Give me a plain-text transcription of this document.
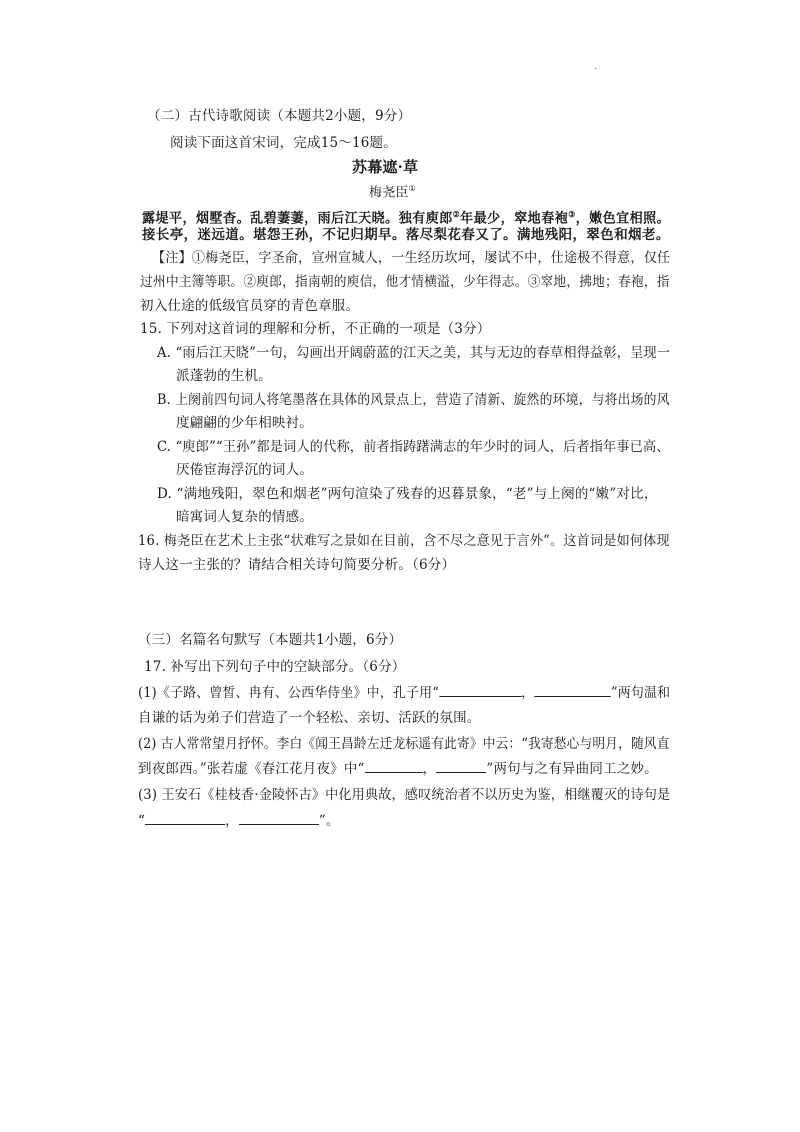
·
（二）古代诗歌阅读（本题共2小题，9分）
阅读下面这首宋词，完成15～16题。
苏幕遮·草
梅尧臣①
露堤平，烟墅杳。乱碧萋萋，雨后江天晓。独有庾郎②年最少，窣地春袍③，嫩色宜相照。
接长亭，迷远道。堪怨王孙，不记归期早。落尽梨花春又了。满地残阳，翠色和烟老。
【注】①梅尧臣，字圣俞，宣州宣城人，一生经历坎坷，屡试不中，仕途极不得意，仅任
过州中主簿等职。②庾郎，指南朝的庾信，他才情横溢，少年得志。③窣地，拂地；春袍，指
初入仕途的低级官员穿的青色章服。
15. 下列对这首词的理解和分析，不正确的一项是（3分）
A. “雨后江天晓”一句，勾画出开阔蔚蓝的江天之美，其与无边的春草相得益彰，呈现一
派蓬勃的生机。
B. 上阕前四句词人将笔墨落在具体的风景点上，营造了清新、旋然的环境，与将出场的风
度翩翩的少年相映衬。
C. “庾郎”“王孙”都是词人的代称，前者指踌躇满志的年少时的词人，后者指年事已高、
厌倦宦海浮沉的词人。
D. “满地残阳，翠色和烟老”两句渲染了残春的迟暮景象，“老”与上阕的“嫩”对比，
暗寓词人复杂的情感。
16. 梅尧臣在艺术上主张“状难写之景如在目前，含不尽之意见于言外”。这首词是如何体现
诗人这一主张的？请结合相关诗句简要分析。（6分）
（三）名篇名句默写（本题共1小题，6分）
17. 补写出下列句子中的空缺部分。（6分）
(1)《子路、曾皙、冉有、公西华侍坐》中，孔子用“	，	”两句温和
自谦的话为弟子们营造了一个轻松、亲切、活跃的氛围。
(2) 古人常常望月抒怀。李白《闻王昌龄左迁龙标遥有此寄》中云：“我寄愁心与明月，随风直
到夜郎西。”张若虚《春江花月夜》中“	，	”两句与之有异曲同工之妙。
(3) 王安石《桂枝香·金陵怀古》中化用典故，感叹统治者不以历史为鉴，相继覆灭的诗句是
“	，	”。
